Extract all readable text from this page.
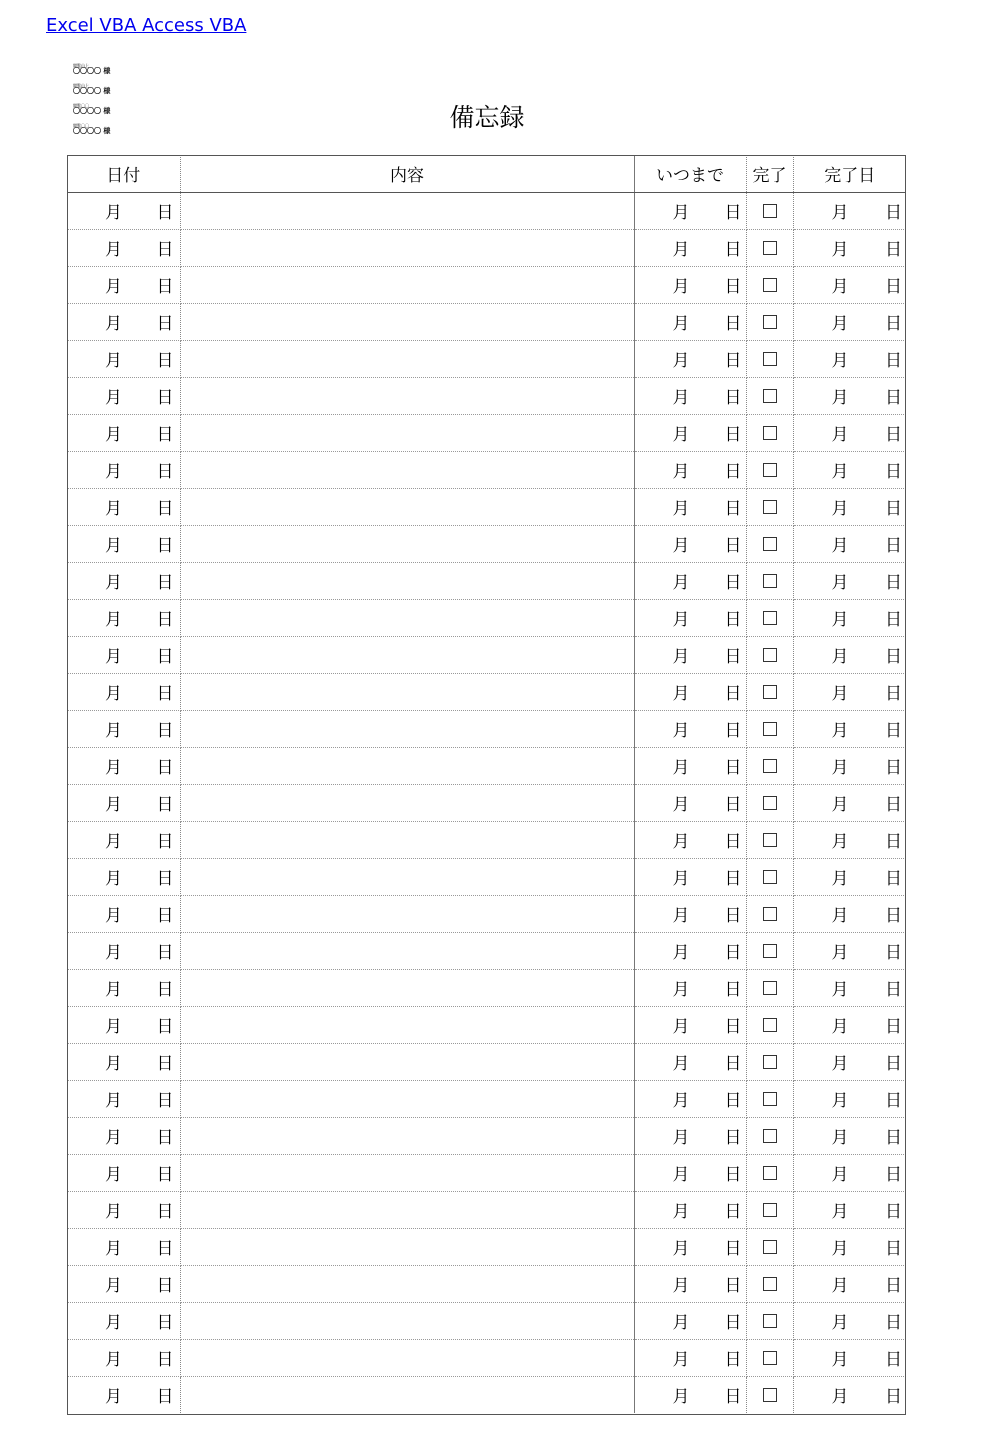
Excel VBA Access VBA
閲覧山上
〇〇〇〇 様
閲覧山上
〇〇〇〇 様
閲覧〇〇
〇〇〇〇 様
閲覧〇〇
〇〇〇〇 様	備忘録
日付	内容	いつまで	完了	完了日

月 日		月 日		月 日

月 日		月 日		月 日

月 日		月 日		月 日

月 日		月 日		月 日

月 日		月 日		月 日

月 日		月 日		月 日

月 日		月 日		月 日

月 日		月 日		月 日

月 日		月 日		月 日

月 日		月 日		月 日

月 日		月 日		月 日

月 日		月 日		月 日

月 日		月 日		月 日

月 日		月 日		月 日

月 日		月 日		月 日

月 日		月 日		月 日

月 日		月 日		月 日

月 日		月 日		月 日

月 日		月 日		月 日

月 日		月 日		月 日

月 日		月 日		月 日

月 日		月 日		月 日

月 日		月 日		月 日

月 日		月 日		月 日

月 日		月 日		月 日

月 日		月 日		月 日

月 日		月 日		月 日

月 日		月 日		月 日

月 日		月 日		月 日

月 日		月 日		月 日

月 日		月 日		月 日

月 日		月 日		月 日

月 日		月 日		月 日
